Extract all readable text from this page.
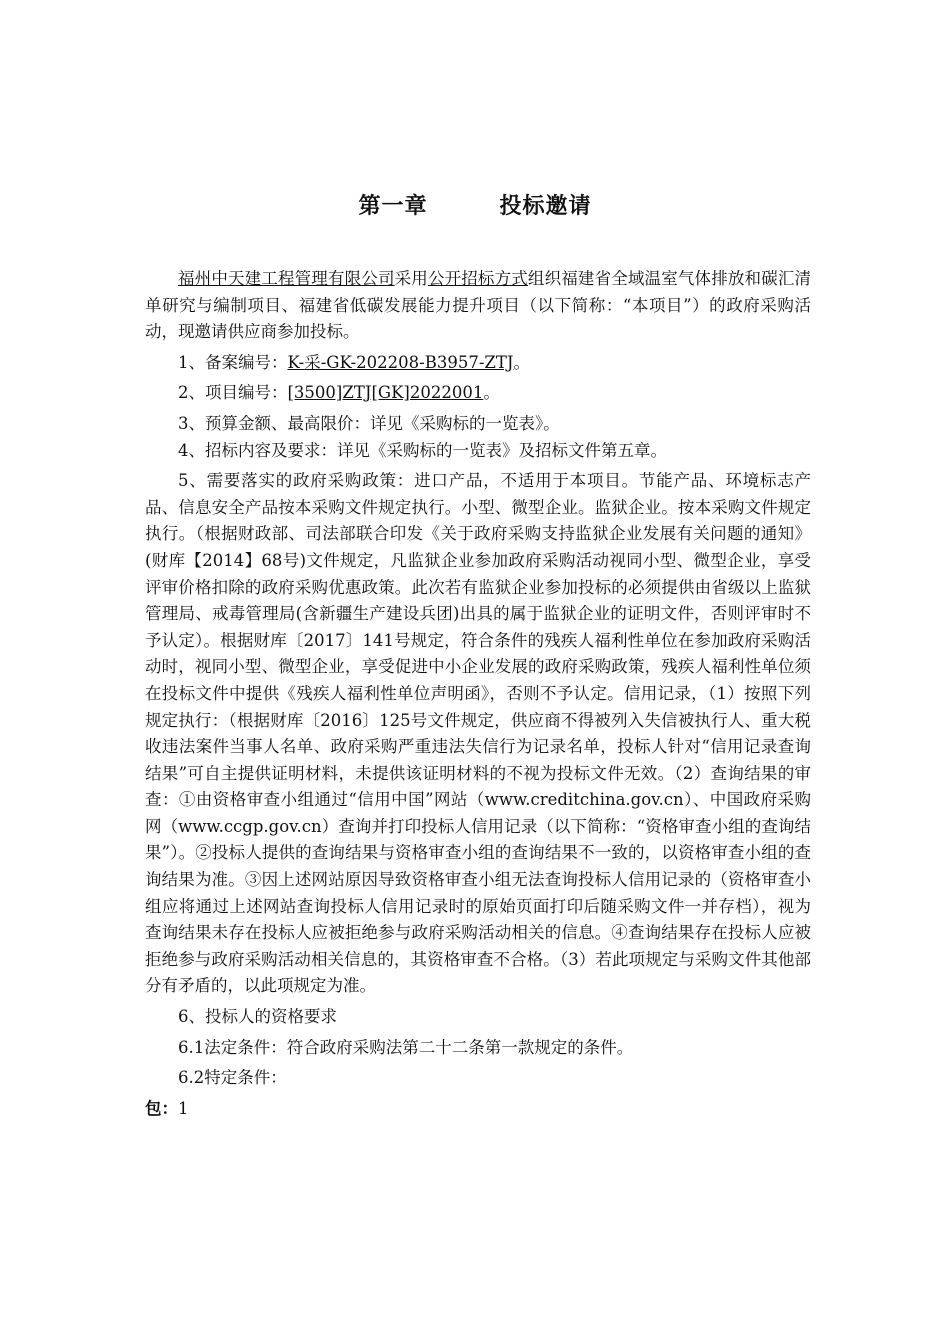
第一章	投标邀请

福州中天建工程管理有限公司采用公开招标方式组织福建省全域温室气体排放和碳汇清单研究与编制项目、福建省低碳发展能力提升项目（以下简称：“本项目”）的政府采购活动，现邀请供应商参加投标。

1、备案编号：K-采-GK-202208-B3957-ZTJ。

2、项目编号：[3500]ZTJ[GK]2022001。

3、预算金额、最高限价：详见《采购标的一览表》。

4、招标内容及要求：详见《采购标的一览表》及招标文件第五章。

5、需要落实的政府采购政策：进口产品，不适用于本项目。节能产品、环境标志产品、信息安全产品按本采购文件规定执行。小型、微型企业。监狱企业。按本采购文件规定执行。（根据财政部、司法部联合印发《关于政府采购支持监狱企业发展有关问题的通知》(财库【2014】68号)文件规定，凡监狱企业参加政府采购活动视同小型、微型企业，享受评审价格扣除的政府采购优惠政策。此次若有监狱企业参加投标的必须提供由省级以上监狱管理局、戒毒管理局(含新疆生产建设兵团)出具的属于监狱企业的证明文件，否则评审时不予认定）。根据财库〔2017〕141号规定，符合条件的残疾人福利性单位在参加政府采购活动时，视同小型、微型企业，享受促进中小企业发展的政府采购政策，残疾人福利性单位须在投标文件中提供《残疾人福利性单位声明函》，否则不予认定。信用记录，（1）按照下列规定执行：（根据财库〔2016〕125号文件规定，供应商不得被列入失信被执行人、重大税收违法案件当事人名单、政府采购严重违法失信行为记录名单，投标人针对“信用记录查询结果”可自主提供证明材料，未提供该证明材料的不视为投标文件无效。（2）查询结果的审查：①由资格审查小组通过“信用中国”网站（www.creditchina.gov.cn）、中国政府采购网（www.ccgp.gov.cn）查询并打印投标人信用记录（以下简称：“资格审查小组的查询结果”）。②投标人提供的查询结果与资格审查小组的查询结果不一致的，以资格审查小组的查询结果为准。③因上述网站原因导致资格审查小组无法查询投标人信用记录的（资格审查小组应将通过上述网站查询投标人信用记录时的原始页面打印后随采购文件一并存档），视为查询结果未存在投标人应被拒绝参与政府采购活动相关的信息。④查询结果存在投标人应被拒绝参与政府采购活动相关信息的，其资格审查不合格。（3）若此项规定与采购文件其他部分有矛盾的，以此项规定为准。

6、投标人的资格要求

6.1法定条件：符合政府采购法第二十二条第一款规定的条件。

6.2特定条件：

包：1
